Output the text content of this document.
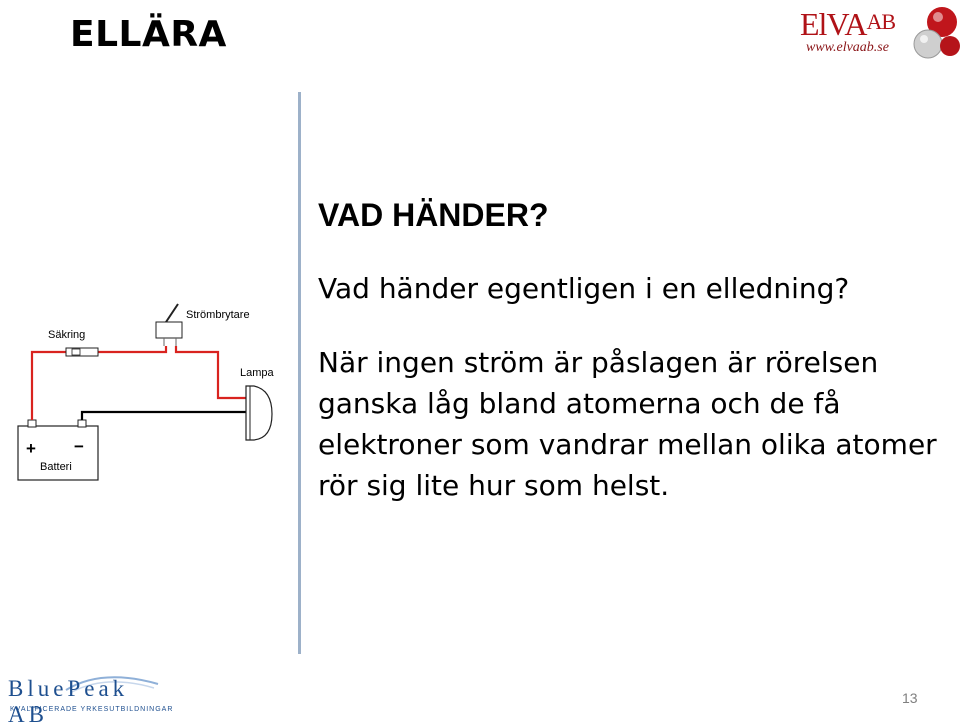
ELLÄRA	ElVAAB
www.elvaab.se
+ −
Batteri
Säkring
Strömbrytare
Lampa

VAD HÄNDER?

Vad händer egentligen i en elledning?

När ingen ström är påslagen är rörelsen ganska låg bland atomerna och de få elektroner som vandrar mellan olika atomer rör sig lite hur som helst.

BluePeak AB
KVALIFICERADE YRKESUTBILDNINGAR
13
